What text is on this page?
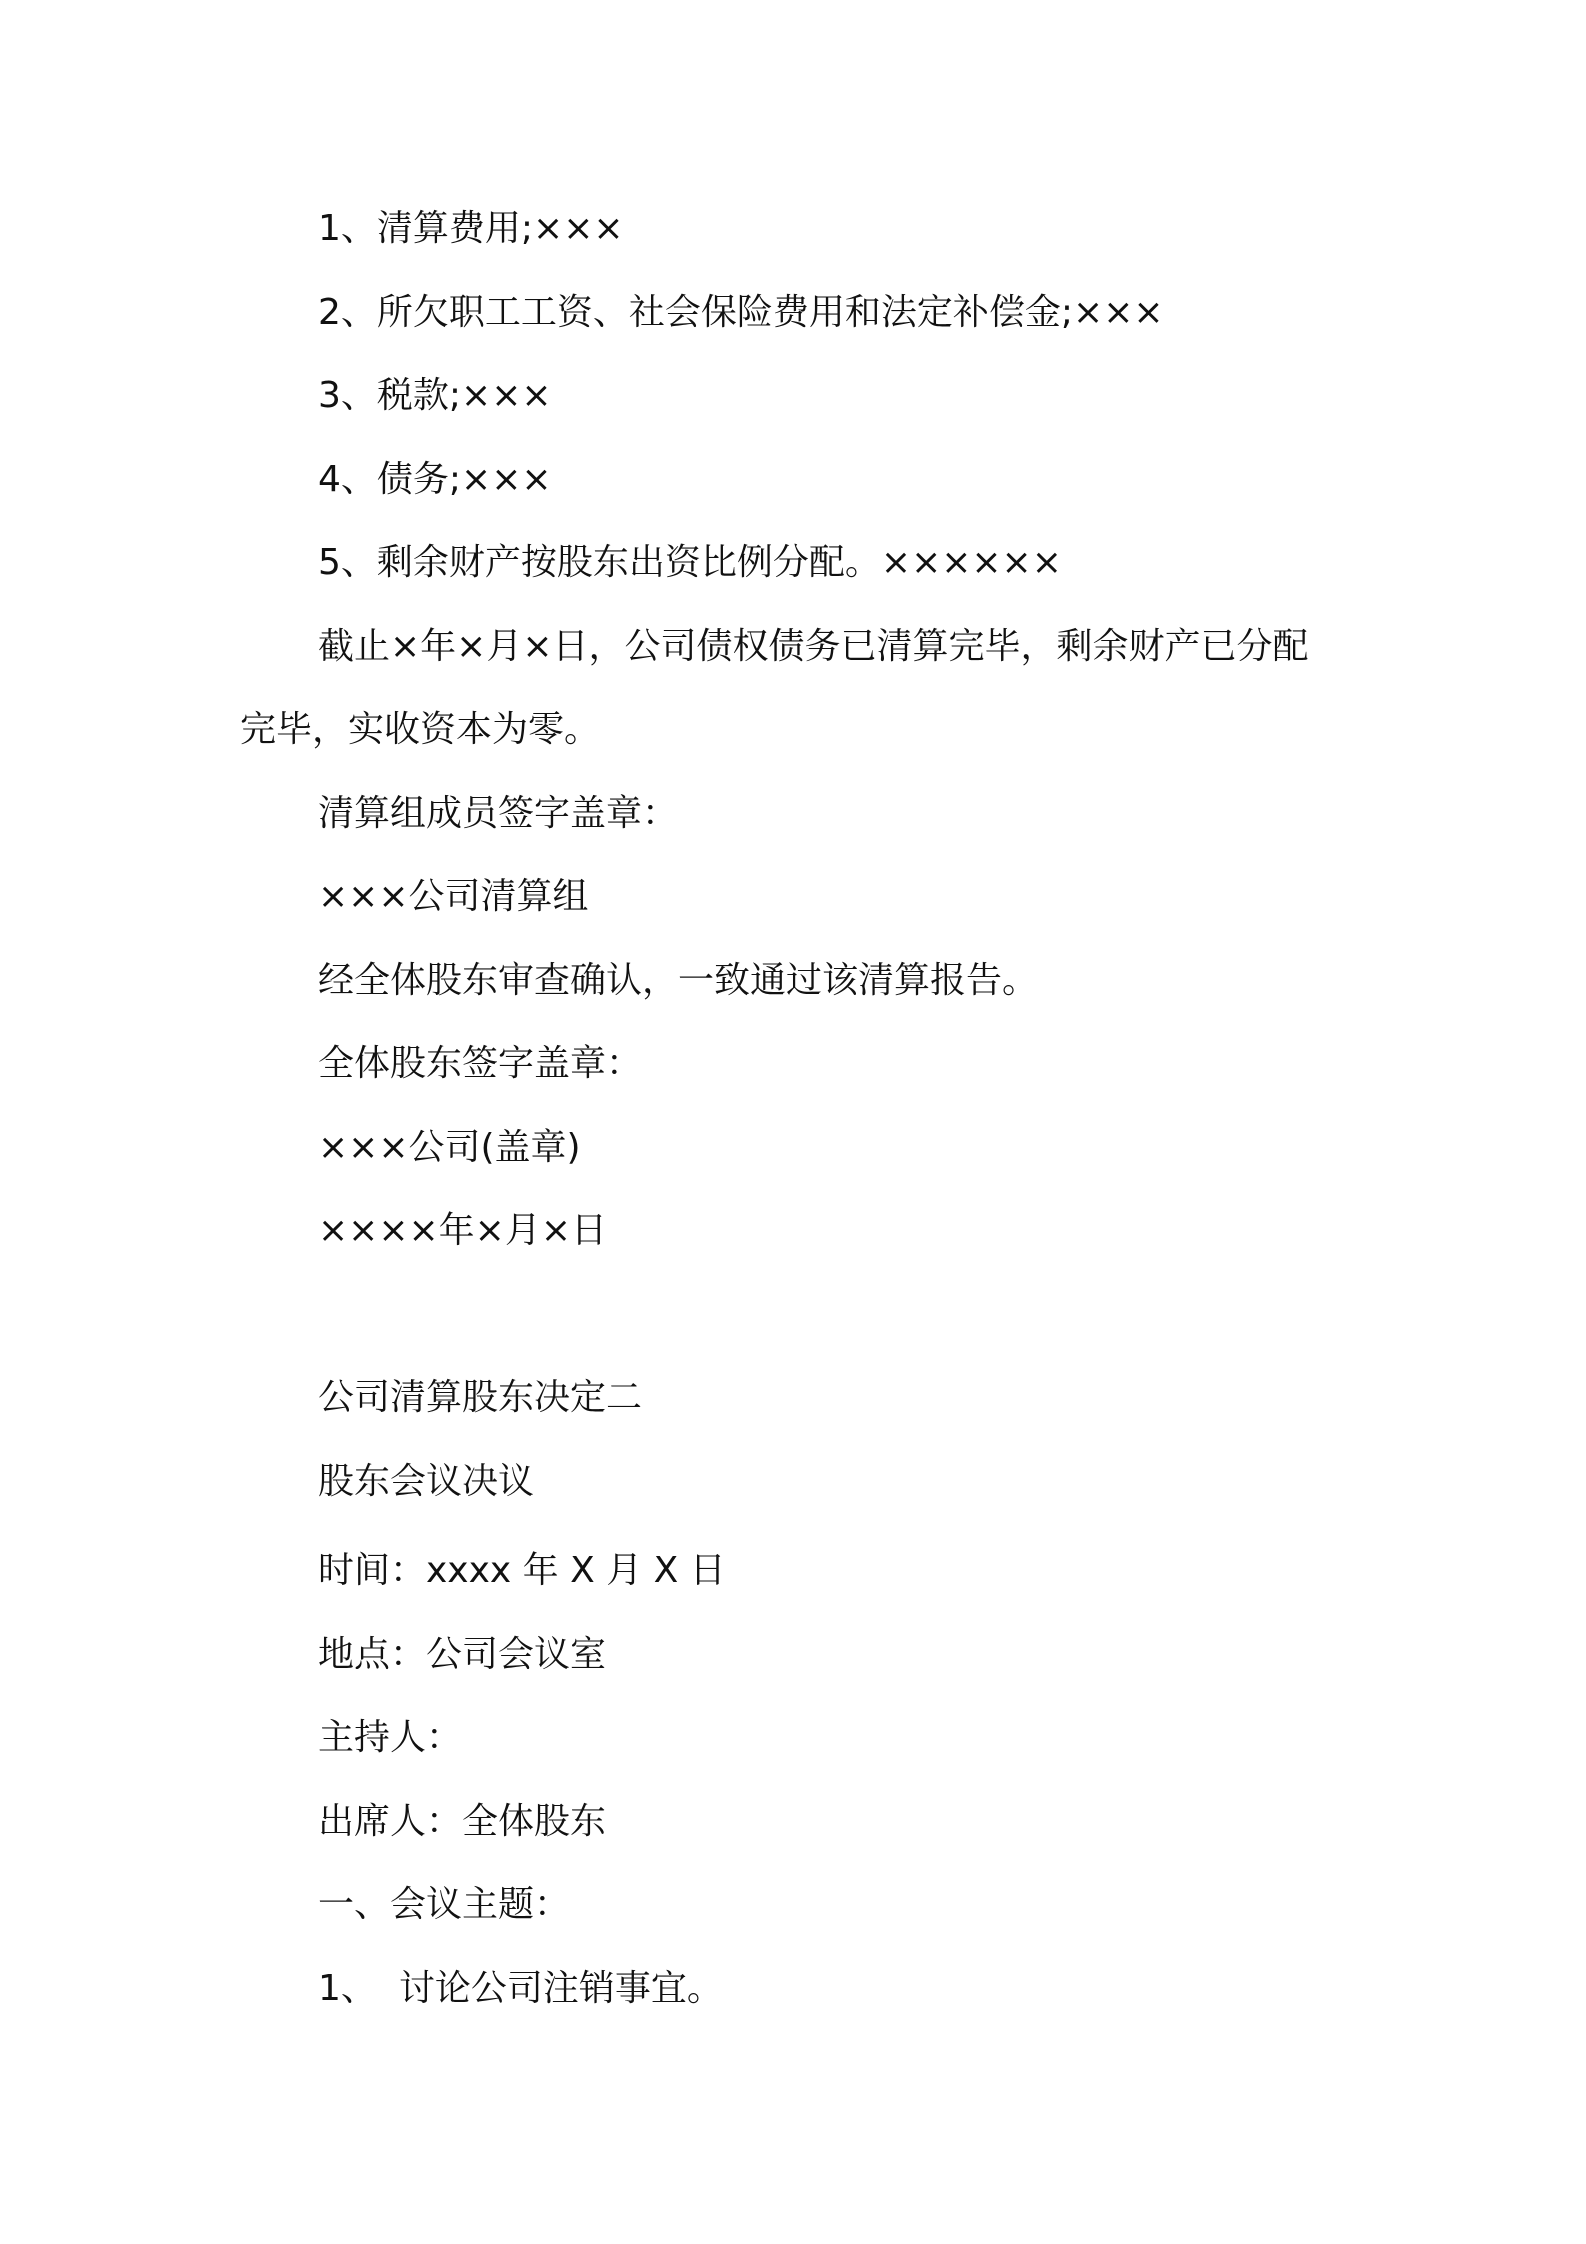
1、清算费用;×××
2、所欠职工工资、社会保险费用和法定补偿金;×××
3、税款;×××
4、债务;×××
5、剩余财产按股东出资比例分配。××××××
截止×年×月×日，公司债权债务已清算完毕，剩余财产已分配
完毕，实收资本为零。
清算组成员签字盖章：
×××公司清算组
经全体股东审查确认，一致通过该清算报告。
全体股东签字盖章：
×××公司(盖章)
××××年×月×日
公司清算股东决定二
股东会议决议
时间：xxxx 年 X 月 X 日
地点：公司会议室
主持人：
出席人：全体股东
一、会议主题：
1、 讨论公司注销事宜。
